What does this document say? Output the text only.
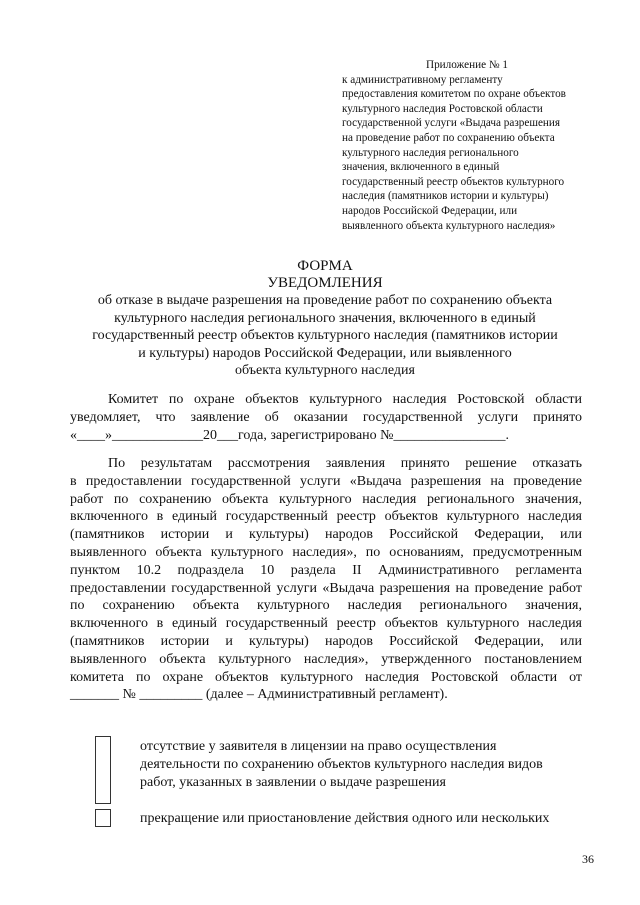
Приложение № 1
к административному регламенту
предоставления комитетом по охране объектов
культурного наследия Ростовской области
государственной услуги «Выдача разрешения
на проведение работ по сохранению объекта
культурного наследия регионального
значения, включенного в единый
государственный реестр объектов культурного
наследия (памятников истории и культуры)
народов Российской Федерации, или
выявленного объекта культурного наследия»
ФОРМА
УВЕДОМЛЕНИЯ
об отказе в выдаче разрешения на проведение работ по сохранению объекта
культурного наследия регионального значения, включенного в единый
государственный реестр объектов культурного наследия (памятников истории
и культуры) народов Российской Федерации, или выявленного
объекта культурного наследия
Комитет по охране объектов культурного наследия Ростовской области
уведомляет, что заявление об оказании государственной услуги принято
«____»_____________20___года, зарегистрировано №________________.
По результатам рассмотрения заявления принято решение отказать
в предоставлении государственной услуги «Выдача разрешения на проведение
работ по сохранению объекта культурного наследия регионального значения,
включенного в единый государственный реестр объектов культурного наследия
(памятников истории и культуры) народов Российской Федерации, или
выявленного объекта культурного наследия», по основаниям, предусмотренным
пунктом 10.2 подраздела 10 раздела II Административного регламента
предоставлении государственной услуги «Выдача разрешения на проведение работ
по сохранению объекта культурного наследия регионального значения,
включенного в единый государственный реестр объектов культурного наследия
(памятников истории и культуры) народов Российской Федерации, или
выявленного объекта культурного наследия», утвержденного постановлением
комитета по охране объектов культурного наследия Ростовской области от
_______ № _________ (далее – Административный регламент).
отсутствие у заявителя в лицензии на право осуществления
деятельности по сохранению объектов культурного наследия видов
работ, указанных в заявлении о выдаче разрешения
прекращение или приостановление действия одного или нескольких
36
